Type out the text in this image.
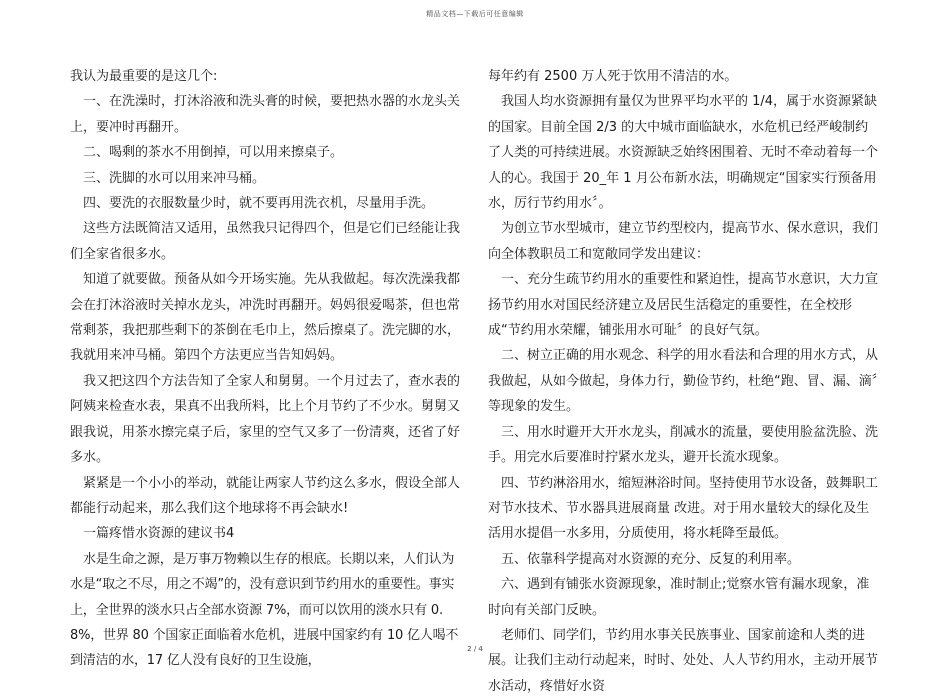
精品文档—下载后可任意编辑

我认为最重要的是这几个:

一、在洗澡时，打沐浴液和洗头膏的时候，要把热水器的水龙头关上，要冲时再翻开。

二、喝剩的茶水不用倒掉，可以用来擦桌子。

三、洗脚的水可以用来冲马桶。

四、要洗的衣服数量少时，就不要再用洗衣机，尽量用手洗。

这些方法既简洁又适用，虽然我只记得四个，但是它们已经能让我们全家省很多水。

知道了就要做。预备从如今开场实施。先从我做起。每次洗澡我都会在打沐浴液时关掉水龙头，冲洗时再翻开。妈妈很爱喝茶，但也常常剩茶，我把那些剩下的茶倒在毛巾上，然后擦桌了。洗完脚的水，我就用来冲马桶。第四个方法更应当告知妈妈。

我又把这四个方法告知了全家人和舅舅。一个月过去了，查水表的阿姨来检查水表，果真不出我所料，比上个月节约了不少水。舅舅又跟我说，用茶水擦完桌子后，家里的空气又多了一份清爽，还省了好多水。

紧紧是一个小小的举动，就能让两家人节约这么多水，假设全部人都能行动起来，那么我们这个地球将不再会缺水!

一篇疼惜水资源的建议书4

水是生命之源，是万事万物赖以生存的根底。长期以来，人们认为水是“取之不尽，用之不竭”的，没有意识到节约用水的重要性。事实上，全世界的淡水只占全部水资源 7%，而可以饮用的淡水只有 0.8%，世界 80 个国家正面临着水危机，进展中国家约有 10 亿人喝不到清洁的水，17 亿人没有良好的卫生设施，

每年约有 2500 万人死于饮用不清洁的水。

我国人均水资源拥有量仅为世界平均水平的 1/4，属于水资源紧缺的国家。目前全国 2/3 的大中城市面临缺水，水危机已经严峻制约了人类的可持续进展。水资源缺乏始终困围着、无时不牵动着每一个人的心。我国于 20_年 1 月公布新水法，明确规定“国家实行预备用水，厉行节约用水〞。

为创立节水型城市，建立节约型校内，提高节水、保水意识，我们向全体教职员工和宽敞同学发出建议：

一、充分生疏节约用水的重要性和紧迫性，提高节水意识，大力宣扬节约用水对国民经济建立及居民生活稳定的重要性，在全校形成“节约用水荣耀，铺张用水可耻〞的良好气氛。

二、树立正确的用水观念、科学的用水看法和合理的用水方式，从我做起，从如今做起，身体力行，勤俭节约，杜绝“跑、冒、漏、滴〞等现象的发生。

三、用水时避开大开水龙头，削减水的流量，要使用脸盆洗脸、洗手。用完水后要准时拧紧水龙头，避开长流水现象。

四、节约淋浴用水，缩短淋浴时间。坚持使用节水设备，鼓舞职工对节水技术、节水器具进展商量 改进。对于用水量较大的绿化及生活用水提倡一水多用，分质使用，将水耗降至最低。

五、依靠科学提高对水资源的充分、反复的利用率。

六、遇到有铺张水资源现象，准时制止;觉察水管有漏水现象，准时向有关部门反映。

老师们、同学们，节约用水事关民族事业、国家前途和人类的进展。让我们主动行动起来，时时、处处、人人节约用水，主动开展节水活动，疼惜好水资

2 / 4
